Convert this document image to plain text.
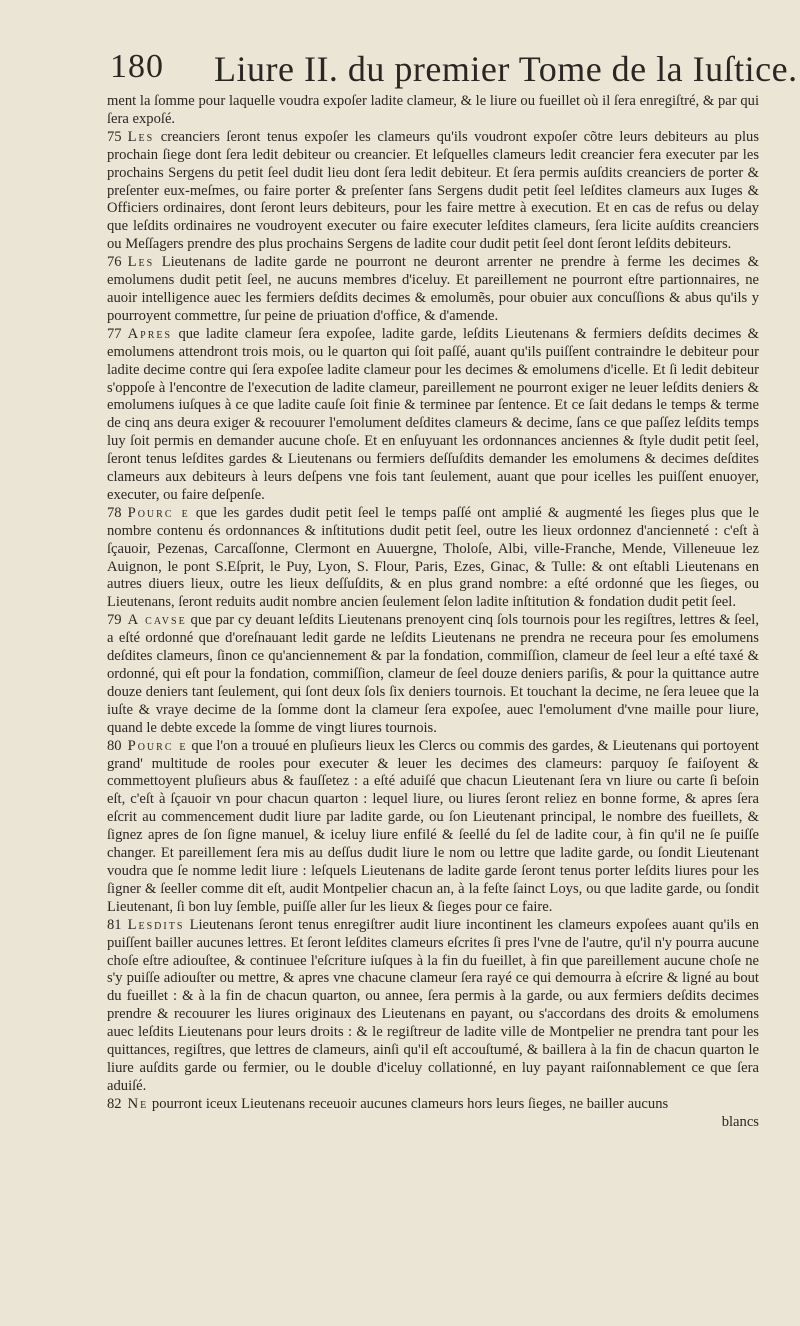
180 Liure II. du premier Tome de la Iuſtice.

ment la ſomme pour laquelle voudra expoſer ladite clameur, & le liure ou fueillet où il ſera enregiſtré, & par qui ſera expoſé.

75 Les creanciers ſeront tenus expoſer les clameurs qu'ils voudront expoſer cõtre leurs debiteurs au plus prochain ſiege dont ſera ledit debiteur ou creancier. Et leſquelles clameurs ledit creancier fera executer par les prochains Sergens du petit ſeel dudit lieu dont ſera ledit debiteur. Et ſera permis auſdits creanciers de porter & preſenter eux-meſmes, ou faire porter & preſenter ſans Sergens dudit petit ſeel leſdites clameurs aux Iuges & Officiers ordinaires, dont ſeront leurs debiteurs, pour les faire mettre à execution. Et en cas de refus ou delay que leſdits ordinaires ne voudroyent executer ou faire executer leſdites clameurs, ſera licite auſdits creanciers ou Meſſagers prendre des plus prochains Sergens de ladite cour dudit petit ſeel dont ſeront leſdits debiteurs.

76 Les Lieutenans de ladite garde ne pourront ne deuront arrenter ne prendre à ferme les decimes & emolumens dudit petit ſeel, ne aucuns membres d'iceluy. Et pareillement ne pourront eſtre partionnaires, ne auoir intelligence auec les fermiers deſdits decimes & emolumẽs, pour obuier aux concuſſions & abus qu'ils y pourroyent commettre, ſur peine de priuation d'office, & d'amende.

77 Apres que ladite clameur ſera expoſee, ladite garde, leſdits Lieutenans & fermiers deſdits decimes & emolumens attendront trois mois, ou le quarton qui ſoit paſſé, auant qu'ils puiſſent contraindre le debiteur pour ladite decime contre qui ſera expoſee ladite clameur pour les decimes & emolumens d'icelle. Et ſi ledit debiteur s'oppoſe à l'encontre de l'execution de ladite clameur, pareillement ne pourront exiger ne leuer leſdits deniers & emolumens iuſques à ce que ladite cauſe ſoit finie & terminee par ſentence. Et ce ſait dedans le temps & terme de cinq ans deura exiger & recouurer l'emolument deſdites clameurs & decime, ſans ce que paſſez leſdits temps luy ſoit permis en demander aucune choſe. Et en enſuyuant les ordonnances anciennes & ſtyle dudit petit ſeel, ſeront tenus leſdites gardes & Lieutenans ou fermiers deſſuſdits demander les emolumens & decimes deſdites clameurs aux debiteurs à leurs deſpens vne fois tant ſeulement, auant que pour icelles les puiſſent enuoyer, executer, ou faire deſpenſe.

78 Pourc e que les gardes dudit petit ſeel le temps paſſé ont amplié & augmenté les ſieges plus que le nombre contenu és ordonnances & inſtitutions dudit petit ſeel, outre les lieux ordonnez d'ancienneté : c'eſt à ſçauoir, Pezenas, Carcaſſonne, Clermont en Auuergne, Tholoſe, Albi, ville-Franche, Mende, Villeneuue lez Auignon, le pont S.Eſprit, le Puy, Lyon, S. Flour, Paris, Ezes, Ginac, & Tulle: & ont eſtabli Lieutenans en autres diuers lieux, outre les lieux deſſuſdits, & en plus grand nombre: a eſté ordonné que les ſieges, ou Lieutenans, ſeront reduits audit nombre ancien ſeulement ſelon ladite inſtitution & fondation dudit petit ſeel.

79 A cavse que par cy deuant leſdits Lieutenans prenoyent cinq ſols tournois pour les regiſtres, lettres & ſeel, a eſté ordonné que d'oreſnauant ledit garde ne leſdits Lieutenans ne prendra ne receura pour ſes emolumens deſdites clameurs, ſinon ce qu'anciennement & par la fondation, commiſſion, clameur de ſeel leur a eſté taxé & ordonné, qui eſt pour la fondation, commiſſion, clameur de ſeel douze deniers pariſis, & pour la quittance autre douze deniers tant ſeulement, qui ſont deux ſols ſix deniers tournois. Et touchant la decime, ne ſera leuee que la iuſte & vraye decime de la ſomme dont la clameur ſera expoſee, auec l'emolument d'vne maille pour liure, quand le debte excede la ſomme de vingt liures tournois.

80 Pourc e que l'on a trouué en pluſieurs lieux les Clercs ou commis des gardes, & Lieutenans qui portoyent grand' multitude de rooles pour executer & leuer les decimes des clameurs: parquoy ſe faiſoyent & commettoyent pluſieurs abus & fauſſetez : a eſté aduiſé que chacun Lieutenant ſera vn liure ou carte ſi beſoin eſt, c'eſt à ſçauoir vn pour chacun quarton : lequel liure, ou liures ſeront reliez en bonne forme, & apres ſera eſcrit au commencement dudit liure par ladite garde, ou ſon Lieutenant principal, le nombre des fueillets, & ſignez apres de ſon ſigne manuel, & iceluy liure enfilé & ſeellé du ſel de ladite cour, à fin qu'il ne ſe puiſſe changer. Et pareillement ſera mis au deſſus dudit liure le nom ou lettre que ladite garde, ou ſondit Lieutenant voudra que ſe nomme ledit liure : leſquels Lieutenans de ladite garde ſeront tenus porter leſdits liures pour les ſigner & ſeeller comme dit eſt, audit Montpelier chacun an, à la feſte ſainct Loys, ou que ladite garde, ou ſondit Lieutenant, ſi bon luy ſemble, puiſſe aller ſur les lieux & ſieges pour ce faire.

81 Lesdits Lieutenans ſeront tenus enregiſtrer audit liure incontinent les clameurs expoſees auant qu'ils en puiſſent bailler aucunes lettres. Et ſeront leſdites clameurs eſcrites ſi pres l'vne de l'autre, qu'il n'y pourra aucune choſe eſtre adiouſtee, & continuee l'eſcriture iuſques à la fin du fueillet, à fin que pareillement aucune choſe ne s'y puiſſe adiouſter ou mettre, & apres vne chacune clameur ſera rayé ce qui demourra à eſcrire & ligné au bout du fueillet : & à la fin de chacun quarton, ou annee, ſera permis à la garde, ou aux fermiers deſdits decimes prendre & recouurer les liures originaux des Lieutenans en payant, ou s'accordans des droits & emolumens auec leſdits Lieutenans pour leurs droits : & le regiſtreur de ladite ville de Montpelier ne prendra tant pour les quittances, regiſtres, que lettres de clameurs, ainſi qu'il eſt accouſtumé, & baillera à la fin de chacun quarton le liure auſdits garde ou fermier, ou le double d'iceluy collationné, en luy payant raiſonnablement ce que ſera aduiſé.

82 Ne pourront iceux Lieutenans receuoir aucunes clameurs hors leurs ſieges, ne bailler aucuns

blancs
